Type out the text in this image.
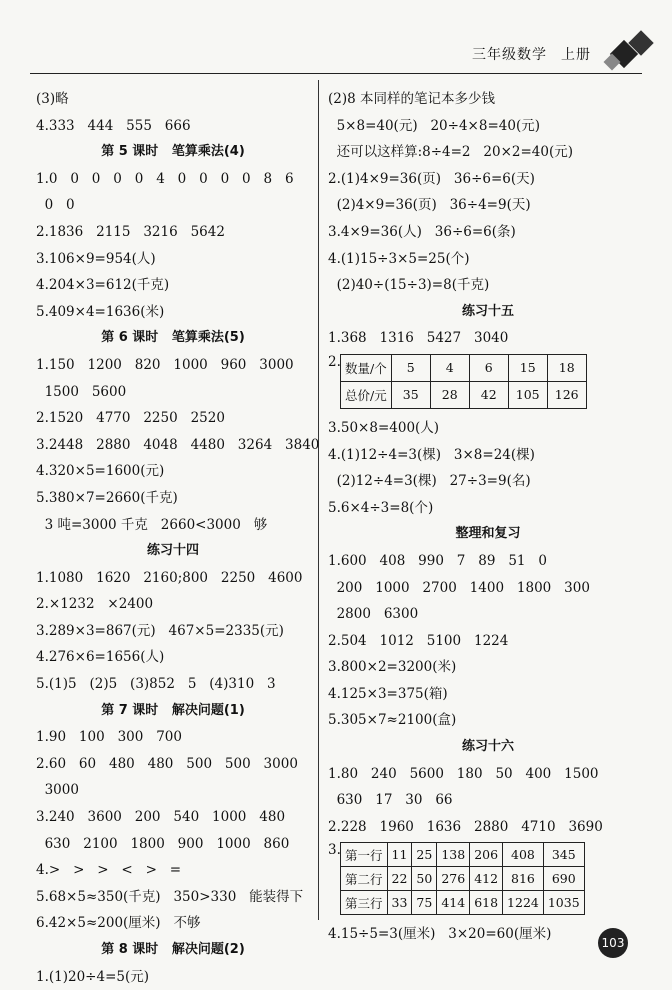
三年级数学 上册
(3)略
4.333   444   555   666
第 5 课时   笔算乘法(4)
1.0   0   0   0   0   4   0   0   0   0   8   6
0   0
2.1836   2115   3216   5642
3.106×9=954(人)
4.204×3=612(千克)
5.409×4=1636(米)
第 6 课时   笔算乘法(5)
1.150   1200   820   1000   960   3000
1500   5600
2.1520   4770   2250   2520
3.2448   2880   4048   4480   3264   3840
4.320×5=1600(元)
5.380×7=2660(千克)
3 吨=3000 千克   2660<3000   够
练习十四
1.1080   1620   2160;800   2250   4600
2.×1232   ×2400
3.289×3=867(元)   467×5=2335(元)
4.276×6=1656(人)
5.(1)5   (2)5   (3)852   5   (4)310   3
第 7 课时   解决问题(1)
1.90   100   300   700
2.60   60   480   480   500   500   3000
3000
3.240   3600   200   540   1000   480
630   2100   1800   900   1000   860
4.>   >   >   <   >   =
5.68×5≈350(千克)   350>330   能装得下
6.42×5≈200(厘米)   不够
第 8 课时   解决问题(2)
1.(1)20÷4=5(元)
(2)8 本同样的笔记本多少钱
5×8=40(元)   20÷4×8=40(元)
还可以这样算:8÷4=2   20×2=40(元)
2.(1)4×9=36(页)   36÷6=6(天)
(2)4×9=36(页)   36÷4=9(天)
3.4×9=36(人)   36÷6=6(条)
4.(1)15÷3×5=25(个)
(2)40÷(15÷3)=8(千克)
练习十五
1.368   1316   5427   3040
2. 数量/个	5	4	6	15	18
总价/元	35	28	42	105	126
3.50×8=400(人)
4.(1)12÷4=3(棵)   3×8=24(棵)
(2)12÷4=3(棵)   27÷3=9(名)
5.6×4÷3=8(个)
整理和复习
1.600   408   990   7   89   51   0
200   1000   2700   1400   1800   300
2800   6300
2.504   1012   5100   1224
3.800×2=3200(米)
4.125×3=375(箱)
5.305×7≈2100(盒)
练习十六
1.80   240   5600   180   50   400   1500
630   17   30   66
2.228   1960   1636   2880   4710   3690
3. 第一行	11	25	138	206	408	345
第二行	22	50	276	412	816	690
第三行	33	75	414	618	1224	1035
4.15÷5=3(厘米)   3×20=60(厘米)
103
